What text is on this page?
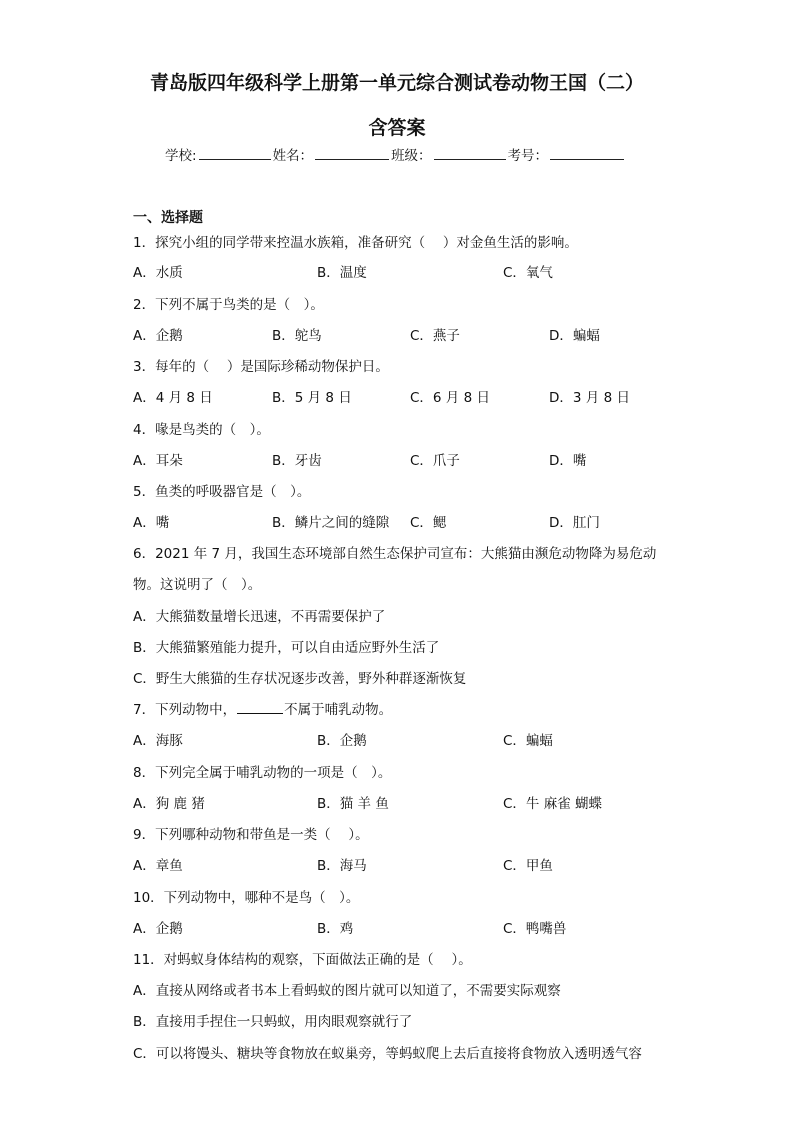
青岛版四年级科学上册第一单元综合测试卷动物王国（二）
含答案
学校:	姓名：	班级：	考号：
一、选择题
1．探究小组的同学带来控温水族箱，准备研究（　 ）对金鱼生活的影响。
A．水质	B．温度	C．氧气
2．下列不属于鸟类的是（　）。
A．企鹅	B．鸵鸟	C．燕子	D．蝙蝠
3．每年的（　 ）是国际珍稀动物保护日。
A．4 月 8 日	B．5 月 8 日	C．6 月 8 日	D．3 月 8 日
4．喙是鸟类的（　）。
A．耳朵	B．牙齿	C．爪子	D．嘴
5．鱼类的呼吸器官是（　）。
A．嘴	B．鳞片之间的缝隙 C．鳃	D．肛门
6．2021 年 7 月，我国生态环境部自然生态保护司宣布：大熊猫由濒危动物降为易危动
物。这说明了（　）。
A．大熊猫数量增长迅速，不再需要保护了
B．大熊猫繁殖能力提升，可以自由适应野外生活了
C．野生大熊猫的生存状况逐步改善，野外种群逐渐恢复
7．下列动物中，	不属于哺乳动物。
A．海豚	B．企鹅	C．蝙蝠
8．下列完全属于哺乳动物的一项是（　）。
A．狗 鹿 猪	B．猫 羊 鱼	C．牛 麻雀 蝴蝶
9．下列哪种动物和带鱼是一类（　 ）。
A．章鱼	B．海马	C．甲鱼
10．下列动物中，哪种不是鸟（　）。
A．企鹅	B．鸡	C．鸭嘴兽
11．对蚂蚁身体结构的观察，下面做法正确的是（　 ）。
A．直接从网络或者书本上看蚂蚁的图片就可以知道了，不需要实际观察
B．直接用手捏住一只蚂蚁，用肉眼观察就行了
C．可以将馒头、糖块等食物放在蚁巢旁，等蚂蚁爬上去后直接将食物放入透明透气容
